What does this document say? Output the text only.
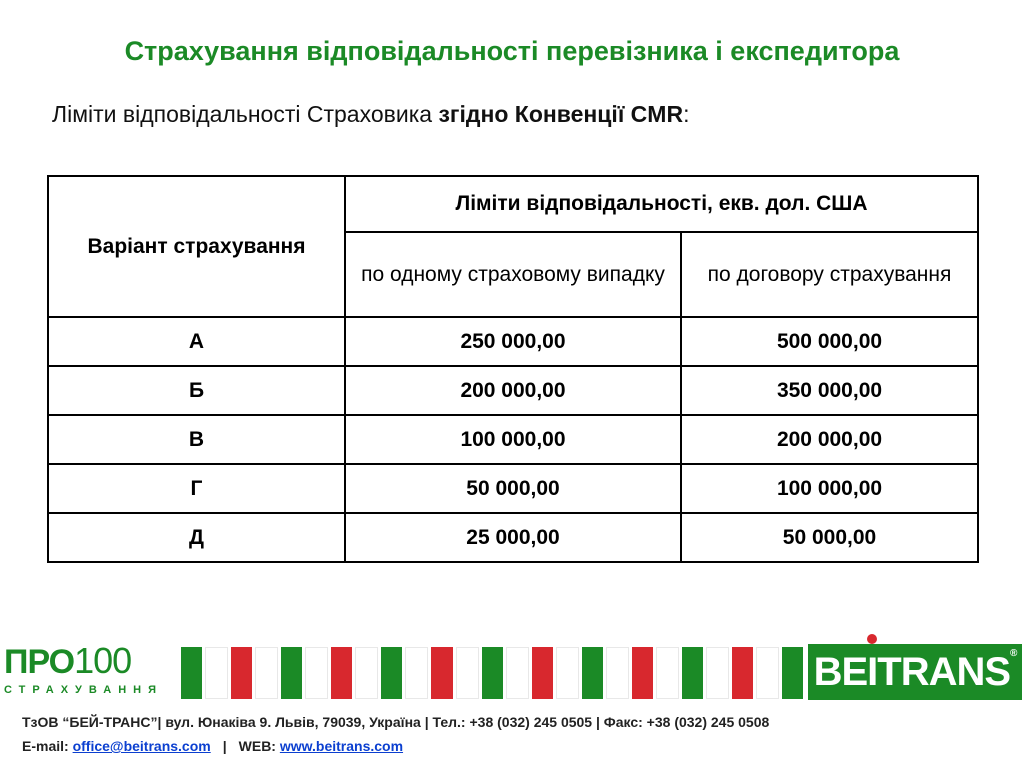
Страхування відповідальності перевізника і експедитора
Ліміти відповідальності Страховика згідно Конвенції CMR:
Варіант страхування	Ліміти відповідальності, екв. дол. США	
	по одному страховому випадку	по договору страхування
А	250 000,00	500 000,00
Б	200 000,00	350 000,00
В	100 000,00	200 000,00
Г	50 000,00	100 000,00
Д	25 000,00	50 000,00
ПРО100
СТРАХУВАННЯ	BEITRANS®
ТзОВ “БЕЙ-ТРАНС”| вул. Юнаківа 9. Львів, 79039, Україна | Тел.: +38 (032) 245 0505 | Факс: +38 (032) 245 0508
E-mail: office@beitrans.com | WEB: www.beitrans.com
